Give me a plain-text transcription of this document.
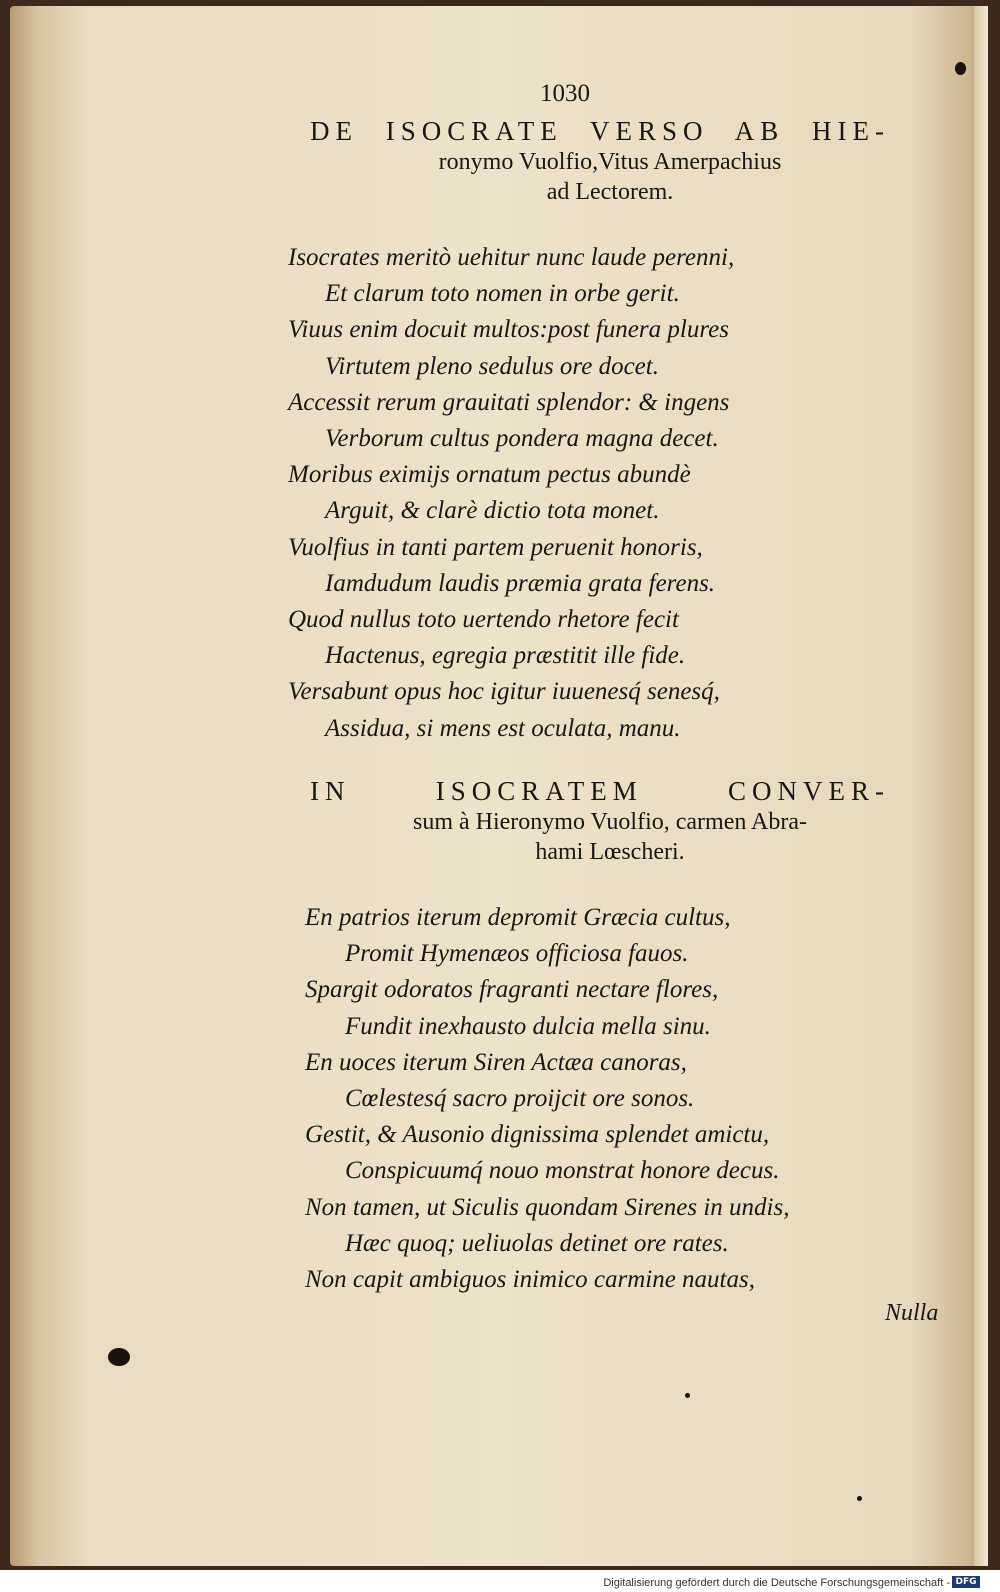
1030
DE ISOCRATE VERSO AB HIE-
ronymo Vuolfio,Vitus Amerpachius
ad Lectorem.
Isocrates meritò uehitur nunc laude perenni,
Et clarum toto nomen in orbe gerit.
Viuus enim docuit multos:post funera plures
Virtutem pleno sedulus ore docet.
Accessit rerum grauitati splendor: & ingens
Verborum cultus pondera magna decet.
Moribus eximijs ornatum pectus abundè
Arguit, & clarè dictio tota monet.
Vuolfius in tanti partem peruenit honoris,
Iamdudum laudis præmia grata ferens.
Quod nullus toto uertendo rhetore fecit
Hactenus, egregia præstitit ille fide.
Versabunt opus hoc igitur iuuenesq́ senesq́,
Assidua, si mens est oculata, manu.
IN ISOCRATEM CONVER-
sum à Hieronymo Vuolfio, carmen Abra-
hami Lœscheri.
En patrios iterum depromit Græcia cultus,
Promit Hymenæos officiosa fauos.
Spargit odoratos fragranti nectare flores,
Fundit inexhausto dulcia mella sinu.
En uoces iterum Siren Actæa canoras,
Cœlestesq́ sacro proijcit ore sonos.
Gestit, & Ausonio dignissima splendet amictu,
Conspicuumq́ nouo monstrat honore decus.
Non tamen, ut Siculis quondam Sirenes in undis,
Hæc quoq; ueliuolas detinet ore rates.
Non capit ambiguos inimico carmine nautas,
Nulla
Digitalisierung gefördert durch die Deutsche Forschungsgemeinschaft - DFG
